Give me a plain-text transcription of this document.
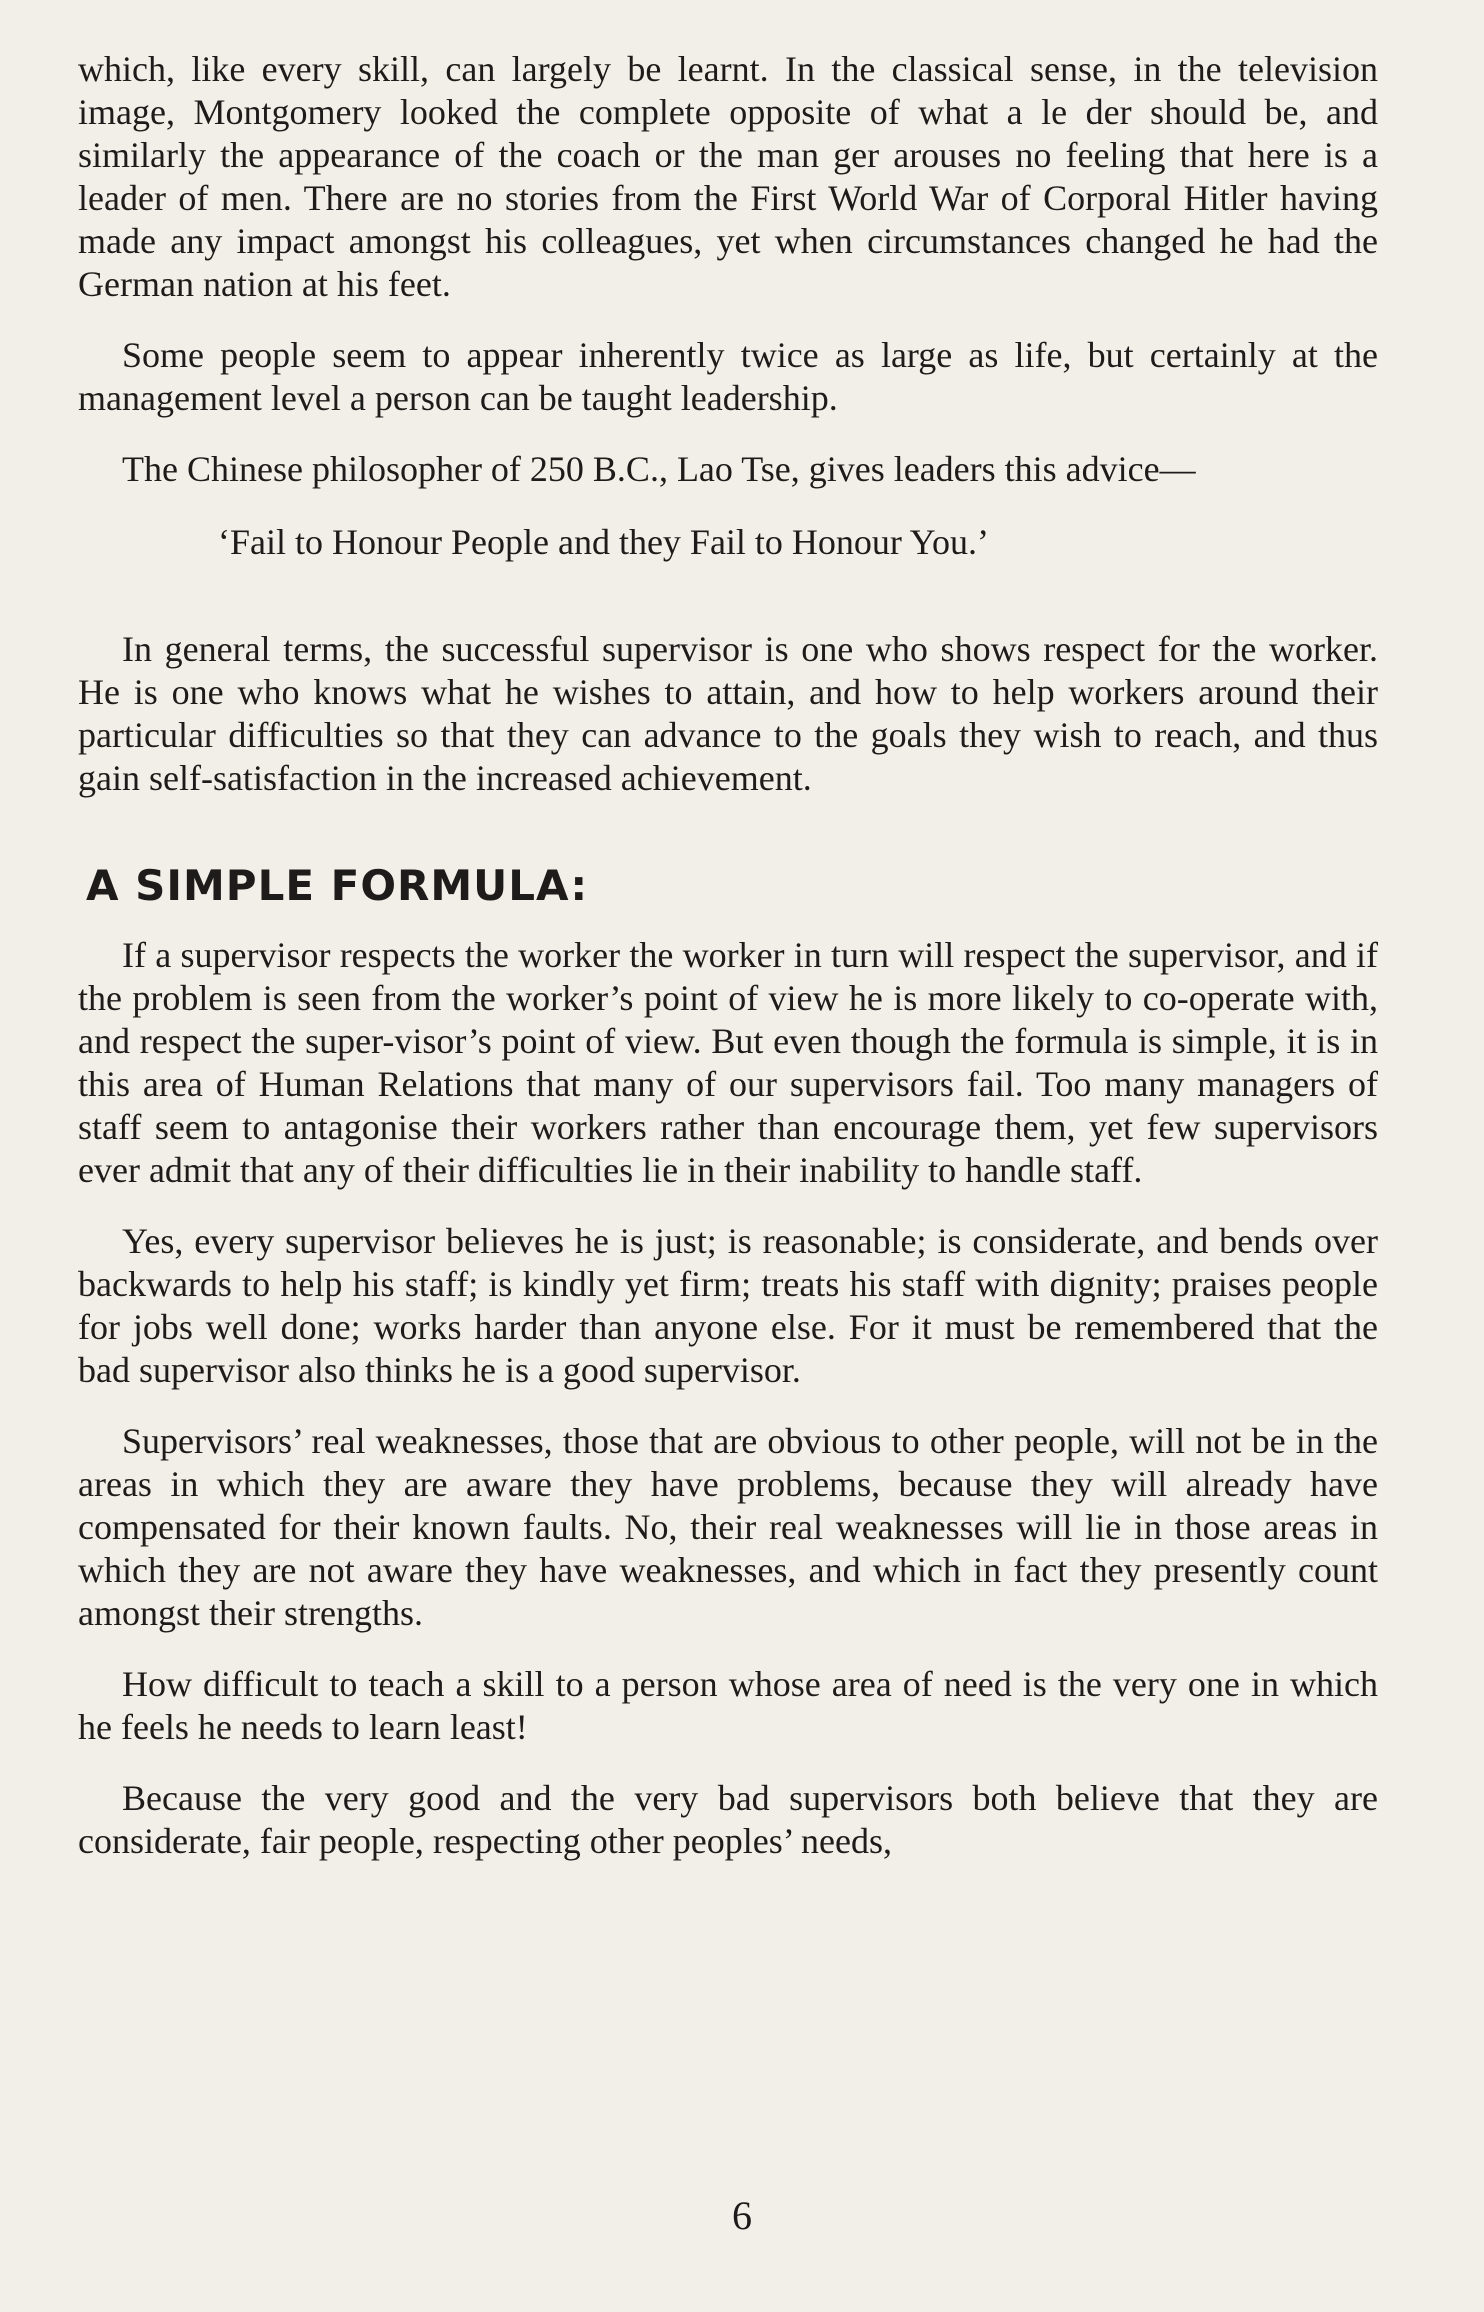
which, like every skill, can largely be learnt. In the classical sense, in the television image, Montgomery looked the complete opposite of what a le der should be, and similarly the appearance of the coach or the man ger arouses no feeling that here is a leader of men. There are no stories from the First World War of Corporal Hitler having made any impact amongst his colleagues, yet when circumstances changed he had the German nation at his feet.

Some people seem to appear inherently twice as large as life, but certainly at the management level a person can be taught leadership.

The Chinese philosopher of 250 B.C., Lao Tse, gives leaders this advice—

‘Fail to Honour People and they Fail to Honour You.’

In general terms, the successful supervisor is one who shows respect for the worker. He is one who knows what he wishes to attain, and how to help workers around their particular difficulties so that they can advance to the goals they wish to reach, and thus gain self-satisfaction in the increased achievement.

A SIMPLE FORMULA:

If a supervisor respects the worker the worker in turn will respect the supervisor, and if the problem is seen from the worker’s point of view he is more likely to co-operate with, and respect the super-visor’s point of view. But even though the formula is simple, it is in this area of Human Relations that many of our supervisors fail. Too many managers of staff seem to antagonise their workers rather than encourage them, yet few supervisors ever admit that any of their difficulties lie in their inability to handle staff.

Yes, every supervisor believes he is just; is reasonable; is considerate, and bends over backwards to help his staff; is kindly yet firm; treats his staff with dignity; praises people for jobs well done; works harder than anyone else. For it must be remembered that the bad supervisor also thinks he is a good supervisor.

Supervisors’ real weaknesses, those that are obvious to other people, will not be in the areas in which they are aware they have problems, because they will already have compensated for their known faults. No, their real weaknesses will lie in those areas in which they are not aware they have weaknesses, and which in fact they presently count amongst their strengths.

How difficult to teach a skill to a person whose area of need is the very one in which he feels he needs to learn least!

Because the very good and the very bad supervisors both believe that they are considerate, fair people, respecting other peoples’ needs,

6
